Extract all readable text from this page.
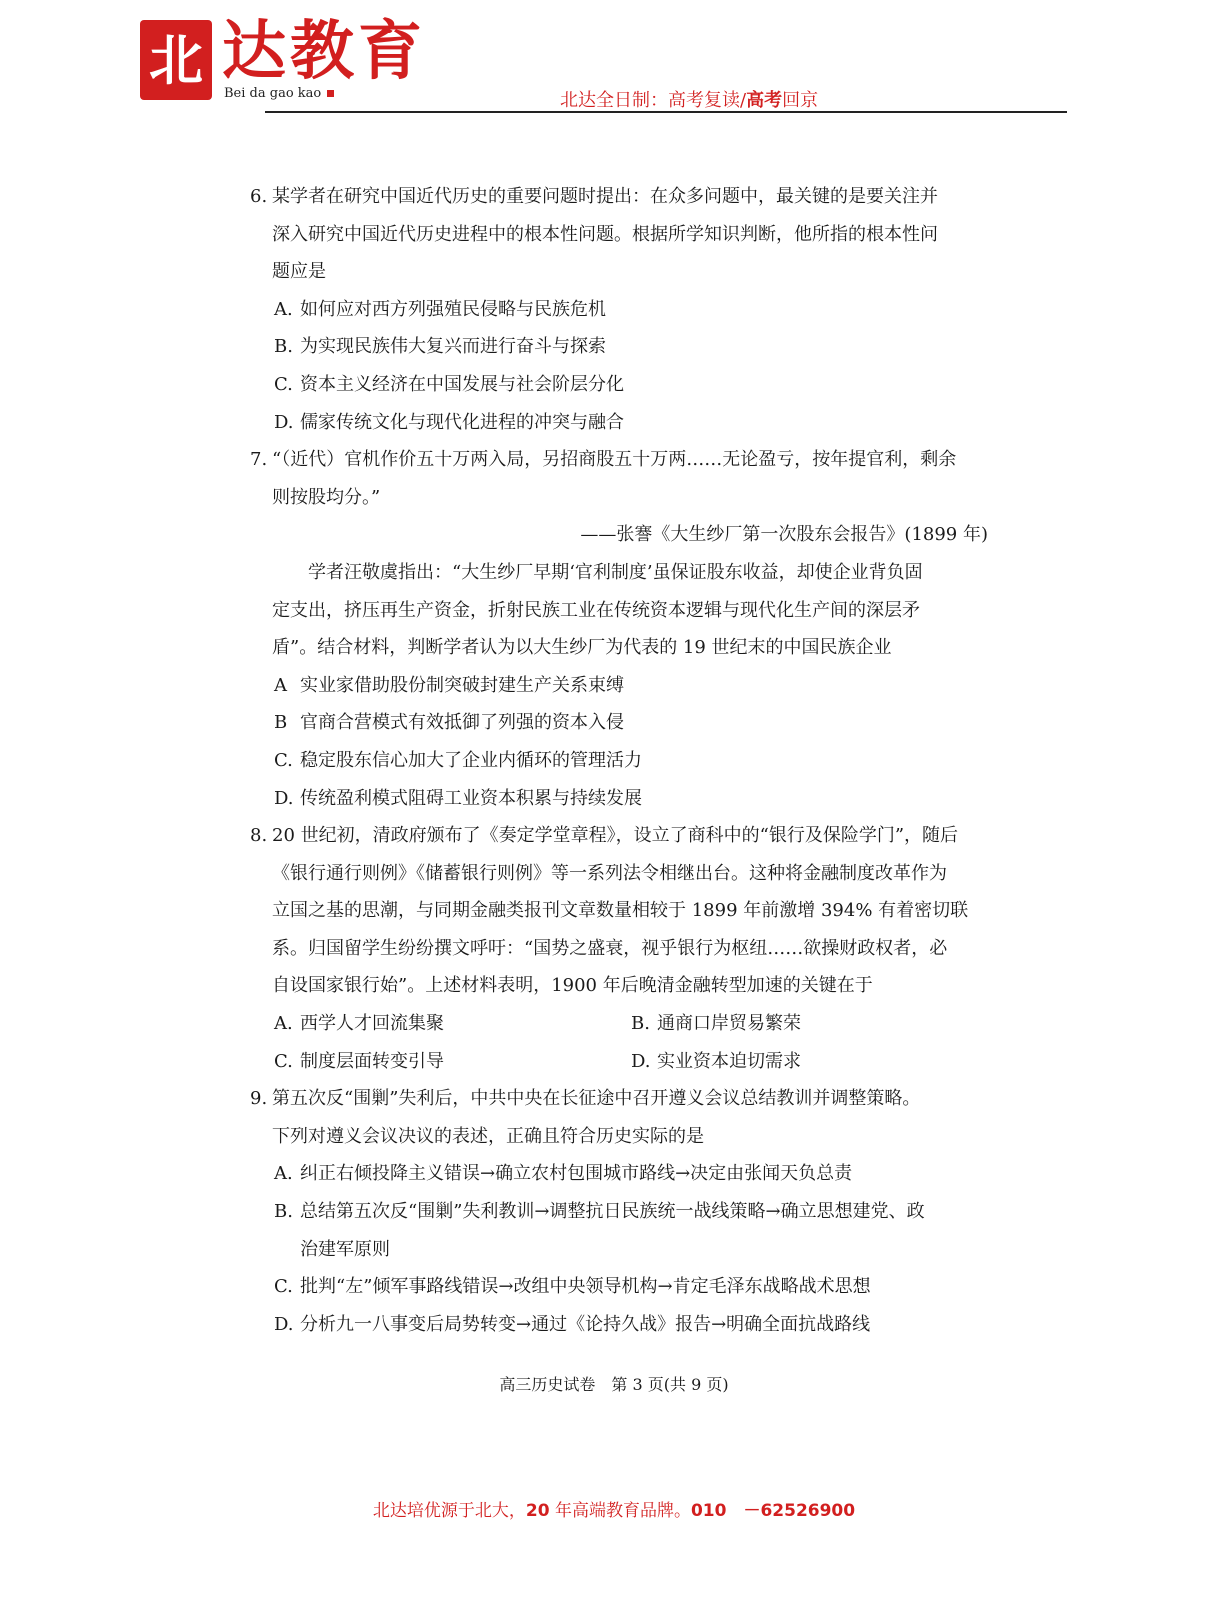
北 达教育
Bei da gao kao	北达全日制：高考复读/高考回京
6. 某学者在研究中国近代历史的重要问题时提出：在众多问题中，最关键的是要关注并
深入研究中国近代历史进程中的根本性问题。根据所学知识判断，他所指的根本性问
题应是
A. 如何应对西方列强殖民侵略与民族危机
B. 为实现民族伟大复兴而进行奋斗与探索
C. 资本主义经济在中国发展与社会阶层分化
D. 儒家传统文化与现代化进程的冲突与融合
7. “（近代）官机作价五十万两入局，另招商股五十万两……无论盈亏，按年提官利，剩余
则按股均分。”
——张謇《大生纱厂第一次股东会报告》(1899 年)
学者汪敬虞指出：“大生纱厂早期‘官利制度’虽保证股东收益，却使企业背负固
定支出，挤压再生产资金，折射民族工业在传统资本逻辑与现代化生产间的深层矛
盾”。结合材料，判断学者认为以大生纱厂为代表的 19 世纪末的中国民族企业
A 实业家借助股份制突破封建生产关系束缚
B 官商合营模式有效抵御了列强的资本入侵
C. 稳定股东信心加大了企业内循环的管理活力
D. 传统盈利模式阻碍工业资本积累与持续发展
8. 20 世纪初，清政府颁布了《奏定学堂章程》，设立了商科中的“银行及保险学门”，随后
《银行通行则例》《储蓄银行则例》等一系列法令相继出台。这种将金融制度改革作为
立国之基的思潮，与同期金融类报刊文章数量相较于 1899 年前激增 394% 有着密切联
系。归国留学生纷纷撰文呼吁：“国势之盛衰，视乎银行为枢纽……欲操财政权者，必
自设国家银行始”。上述材料表明，1900 年后晚清金融转型加速的关键在于
A. 西学人才回流集聚	B. 通商口岸贸易繁荣
C. 制度层面转变引导	D. 实业资本迫切需求
9. 第五次反“围剿”失利后，中共中央在长征途中召开遵义会议总结教训并调整策略。
下列对遵义会议决议的表述，正确且符合历史实际的是
A. 纠正右倾投降主义错误→确立农村包围城市路线→决定由张闻天负总责
B. 总结第五次反“围剿”失利教训→调整抗日民族统一战线策略→确立思想建党、政
治建军原则
C. 批判“左”倾军事路线错误→改组中央领导机构→肯定毛泽东战略战术思想
D. 分析九一八事变后局势转变→通过《论持久战》报告→明确全面抗战路线
高三历史试卷　第 3 页(共 9 页)
北达培优源于北大，20 年高端教育品牌。010　－62526900
